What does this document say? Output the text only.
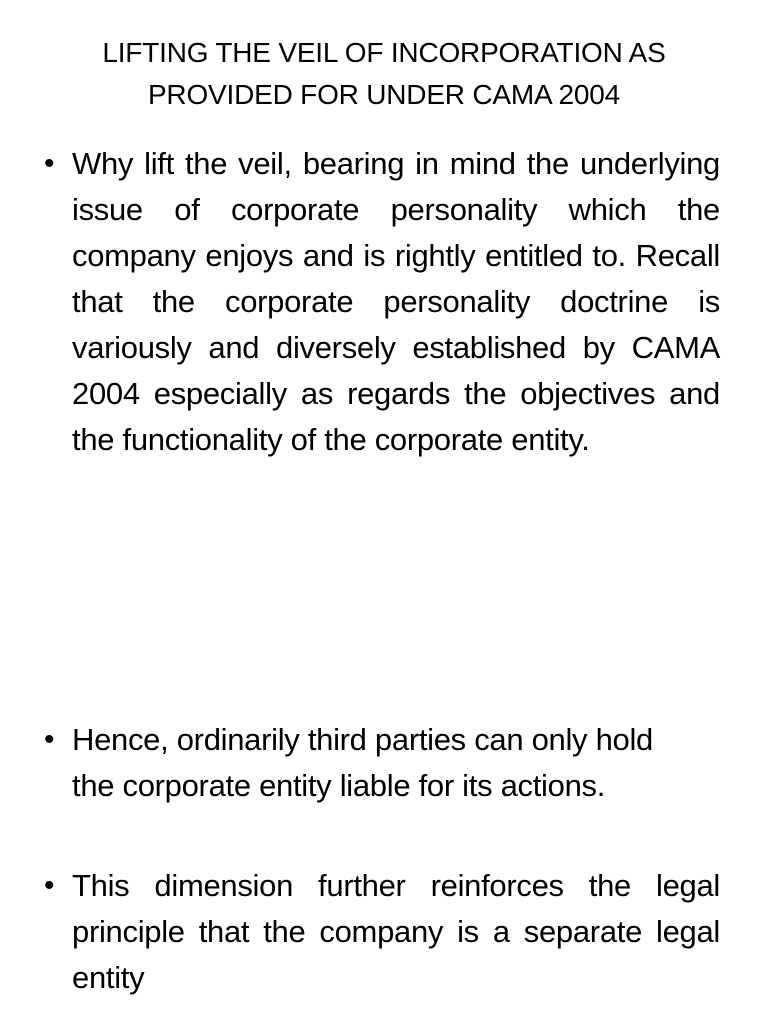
LIFTING THE VEIL OF INCORPORATION AS PROVIDED FOR UNDER CAMA 2004
• Why lift the veil, bearing in mind the underlying issue of corporate personality which the company enjoys and is rightly entitled to. Recall that the corporate personality doctrine is variously and diversely established by CAMA 2004 especially as regards the objectives and the functionality of the corporate entity.
• Hence, ordinarily third parties can only hold the corporate entity liable for its actions.
• This dimension further reinforces the legal principle that the company is a separate legal entity
